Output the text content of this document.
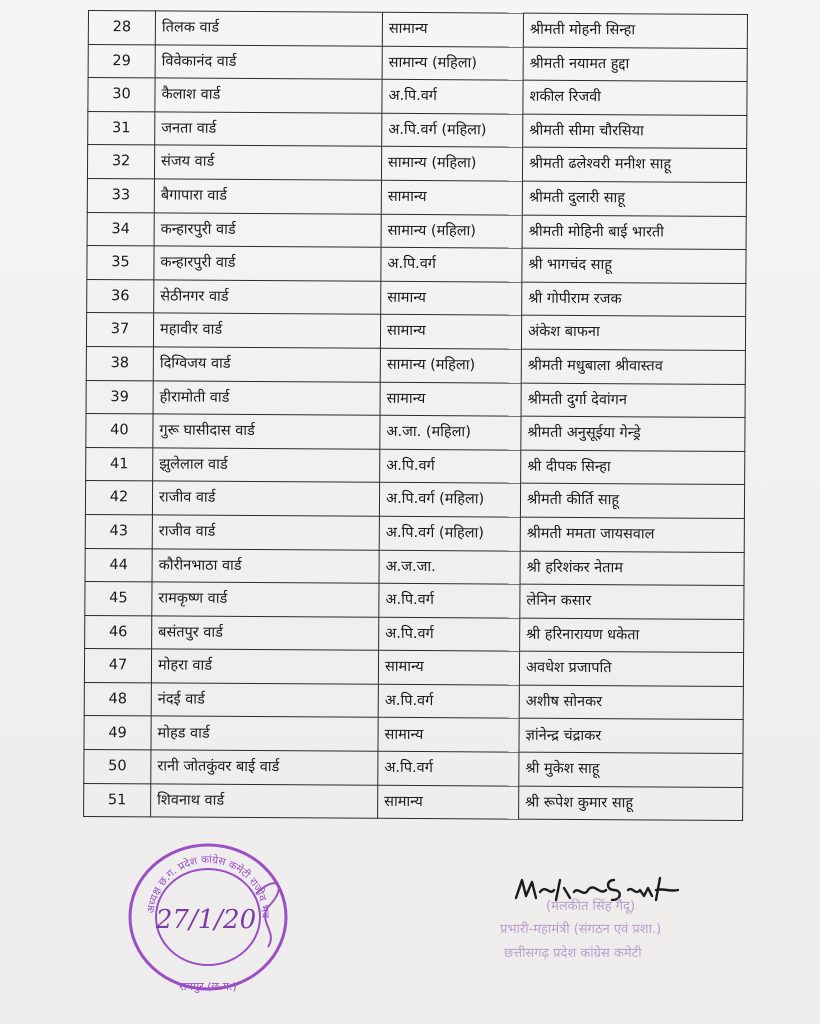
28	तिलक वार्ड	सामान्य	श्रीमती मोहनी सिन्हा
29	विवेकानंद वार्ड	सामान्य (महिला)	श्रीमती नयामत हुद्दा
30	कैलाश वार्ड	अ.पि.वर्ग	शकील रिजवी
31	जनता वार्ड	अ.पि.वर्ग (महिला)	श्रीमती सीमा चौरसिया
32	संजय वार्ड	सामान्य (महिला)	श्रीमती ढलेश्वरी मनीश साहू
33	बैगापारा वार्ड	सामान्य	श्रीमती दुलारी साहू
34	कन्हारपुरी वार्ड	सामान्य (महिला)	श्रीमती मोहिनी बाई भारती
35	कन्हारपुरी वार्ड	अ.पि.वर्ग	श्री भागचंद साहू
36	सेठीनगर वार्ड	सामान्य	श्री गोपीराम रजक
37	महावीर वार्ड	सामान्य	अंकेश बाफना
38	दिग्विजय वार्ड	सामान्य (महिला)	श्रीमती मधुबाला श्रीवास्तव
39	हीरामोती वार्ड	सामान्य	श्रीमती दुर्गा देवांगन
40	गुरू घासीदास वार्ड	अ.जा. (महिला)	श्रीमती अनुसूईया गेन्ड्रे
41	झुलेलाल वार्ड	अ.पि.वर्ग	श्री दीपक सिन्हा
42	राजीव वार्ड	अ.पि.वर्ग (महिला)	श्रीमती कीर्ति साहू
43	राजीव वार्ड	अ.पि.वर्ग (महिला)	श्रीमती ममता जायसवाल
44	कौरीनभाठा वार्ड	अ.ज.जा.	श्री हरिशंकर नेताम
45	रामकृष्ण वार्ड	अ.पि.वर्ग	लेनिन कसार
46	बसंतपुर वार्ड	अ.पि.वर्ग	श्री हरिनारायण धकेता
47	मोहरा वार्ड	सामान्य	अवधेश प्रजापति
48	नंदई वार्ड	अ.पि.वर्ग	अशीष सोनकर
49	मोहड वार्ड	सामान्य	ज्ञांनेन्द्र चंद्राकर
50	रानी जोतकुंवर बाई वार्ड	अ.पि.वर्ग	श्री मुकेश साहू
51	शिवनाथ वार्ड	सामान्य	श्री रूपेश कुमार साहू
अध्यक्ष छ.ग. प्रदेश कांग्रेस कमेटी राजीव भव
रायपुर (छ.ग.)
27/1/20
Malkeet Singh
(मलकीत सिंह गैदू)
प्रभारी-महामंत्री (संगठन एवं प्रशा.)
छत्तीसगढ़ प्रदेश कांग्रेस कमेटी
